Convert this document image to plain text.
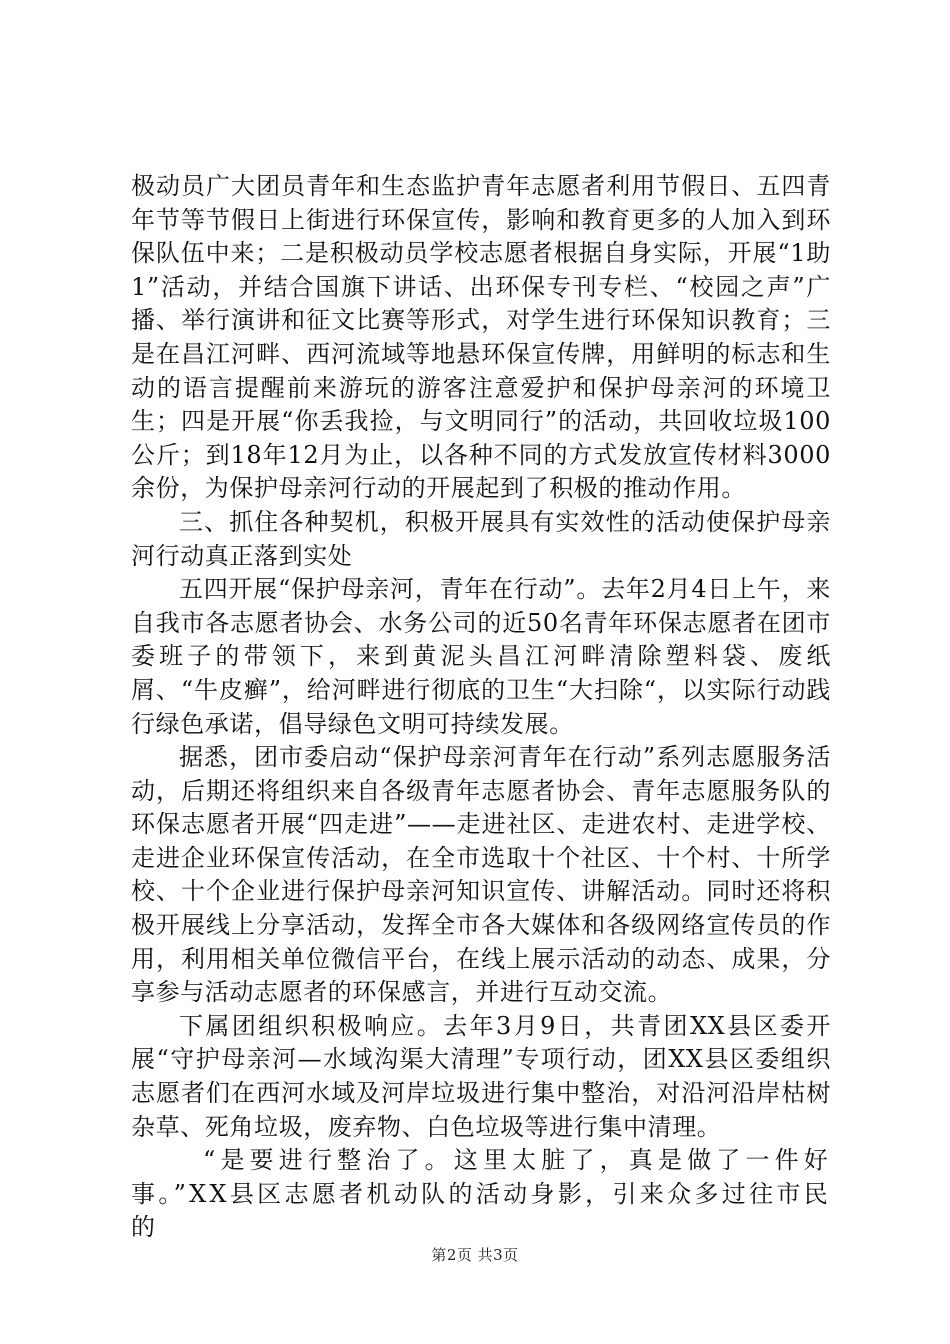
极动员广大团员青年和生态监护青年志愿者利用节假日、五四青年节等节假日上街进行环保宣传，影响和教育更多的人加入到环保队伍中来；二是积极动员学校志愿者根据自身实际，开展“1助1”活动，并结合国旗下讲话、出环保专刊专栏、“校园之声”广播、举行演讲和征文比赛等形式，对学生进行环保知识教育；三是在昌江河畔、西河流域等地悬环保宣传牌，用鲜明的标志和生动的语言提醒前来游玩的游客注意爱护和保护母亲河的环境卫生；四是开展“你丢我捡，与文明同行”的活动，共回收垃圾100公斤；到18年12月为止，以各种不同的方式发放宣传材料3000余份，为保护母亲河行动的开展起到了积极的推动作用。

三、抓住各种契机，积极开展具有实效性的活动使保护母亲河行动真正落到实处

五四开展“保护母亲河，青年在行动”。去年2月4日上午，来自我市各志愿者协会、水务公司的近50名青年环保志愿者在团市委班子的带领下，来到黄泥头昌江河畔清除塑料袋、废纸屑、“牛皮癣”，给河畔进行彻底的卫生“大扫除“，以实际行动践行绿色承诺，倡导绿色文明可持续发展。

据悉，团市委启动“保护母亲河青年在行动”系列志愿服务活动，后期还将组织来自各级青年志愿者协会、青年志愿服务队的环保志愿者开展“四走进”——走进社区、走进农村、走进学校、走进企业环保宣传活动，在全市选取十个社区、十个村、十所学校、十个企业进行保护母亲河知识宣传、讲解活动。同时还将积极开展线上分享活动，发挥全市各大媒体和各级网络宣传员的作用，利用相关单位微信平台，在线上展示活动的动态、成果，分享参与活动志愿者的环保感言，并进行互动交流。

下属团组织积极响应。去年3月9日，共青团XX县区委开展“守护母亲河—水域沟渠大清理”专项行动，团XX县区委组织志愿者们在西河水域及河岸垃圾进行集中整治，对沿河沿岸枯树杂草、死角垃圾，废弃物、白色垃圾等进行集中清理。

“是要进行整治了。这里太脏了，真是做了一件好事。”XX县区志愿者机动队的活动身影，引来众多过往市民的

第2页 共3页
